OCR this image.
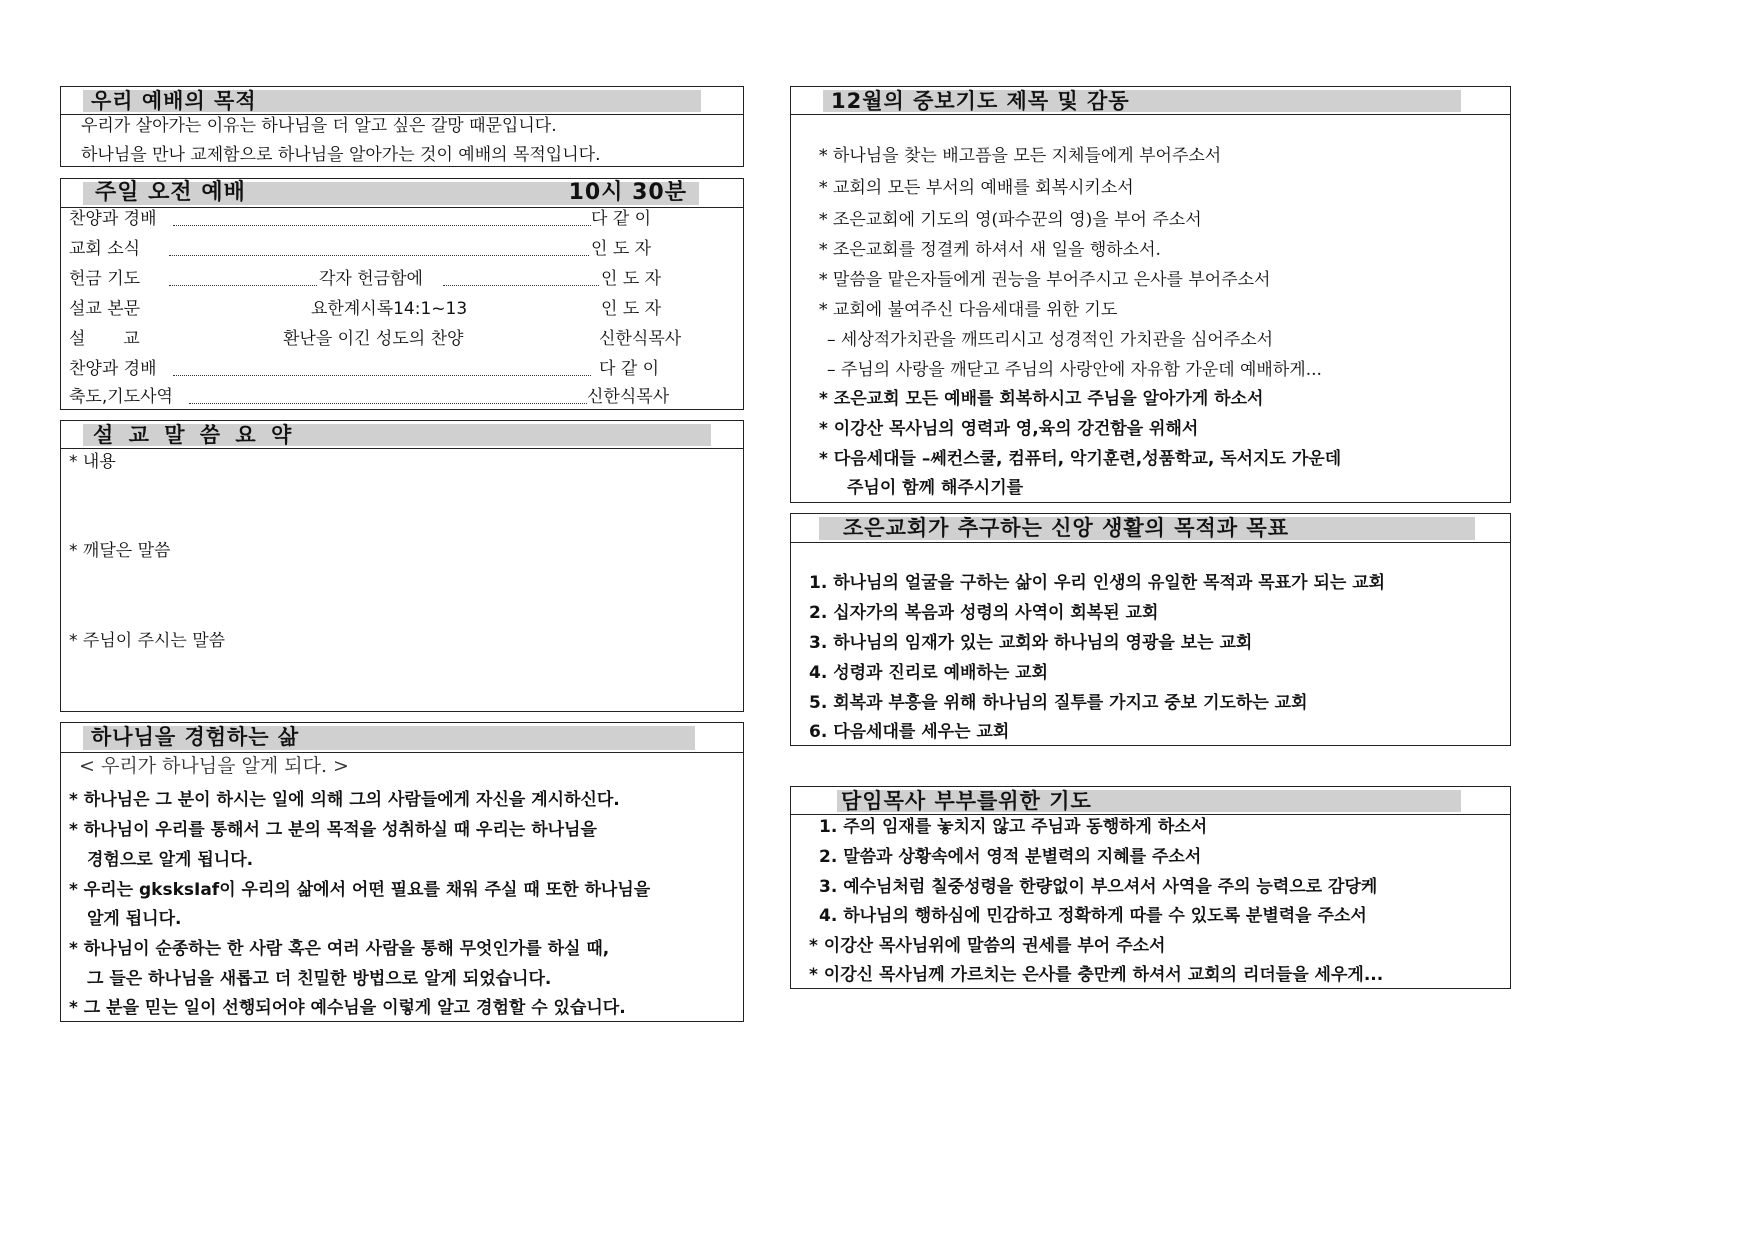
우리 예배의 목적
우리가 살아가는 이유는 하나님을 더 알고 싶은 갈망 때문입니다.
하나님을 만나 교제함으로 하나님을 알아가는 것이 예배의 목적입니다.
주일 오전 예배	10시 30분
찬양과 경배	다 같 이
교회 소식	인 도 자
헌금 기도	각자 헌금함에	인 도 자
설교 본문	요한계시록14:1~13	인 도 자
설       교	환난을 이긴 성도의 찬양	신한식목사
찬양과 경배	다 같 이
축도,기도사역	신한식목사
설 교 말 씀 요 약
* 내용
* 깨달은 말씀
* 주님이 주시는 말씀
하나님을 경험하는 삶
< 우리가 하나님을 알게 되다. >
* 하나님은 그 분이 하시는 일에 의해 그의 사람들에게 자신을 계시하신다.
* 하나님이 우리를 통해서 그 분의 목적을 성취하실 때 우리는 하나님을
경험으로 알게 됩니다.
* 우리는 gksksIaf이 우리의 삶에서 어떤 필요를 채워 주실 때 또한 하나님을
알게 됩니다.
* 하나님이 순종하는 한 사람 혹은 여러 사람을 통해 무엇인가를 하실 때,
그 들은 하나님을 새롭고 더 친밀한 방법으로 알게 되었습니다.
* 그 분을 믿는 일이 선행되어야 예수님을 이렇게 알고 경험할 수 있습니다.
12월의 중보기도 제목 및 감동
* 하나님을 찾는 배고픔을 모든 지체들에게 부어주소서
* 교회의 모든 부서의 예배를 회복시키소서
* 조은교회에 기도의 영(파수꾼의 영)을 부어 주소서
* 조은교회를 정결케 하셔서 새 일을 행하소서.
* 말씀을 맡은자들에게 권능을 부어주시고 은사를 부어주소서
* 교회에 불여주신 다음세대를 위한 기도
– 세상적가치관을 깨뜨리시고 성경적인 가치관을 심어주소서
– 주님의 사랑을 깨닫고 주님의 사랑안에 자유함 가운데 예배하게...
* 조은교회 모든 예배를 회복하시고 주님을 알아가게 하소서
* 이강산 목사님의 영력과 영,육의 강건함을 위해서
* 다음세대들 –쎄컨스쿨, 컴퓨터, 악기훈련,성품학교, 독서지도 가운데
주님이 함께 해주시기를
조은교회가 추구하는 신앙 생활의 목적과 목표
1. 하나님의 얼굴을 구하는 삶이 우리 인생의 유일한 목적과 목표가 되는 교회
2. 십자가의 복음과 성령의 사역이 회복된 교회
3. 하나님의 임재가 있는 교회와 하나님의 영광을 보는 교회
4. 성령과 진리로 예배하는 교회
5. 회복과 부흥을 위해 하나님의 질투를 가지고 중보 기도하는 교회
6. 다음세대를 세우는 교회
담임목사 부부를위한 기도
1. 주의 임재를 놓치지 않고 주님과 동행하게 하소서
2. 말씀과 상황속에서 영적 분별력의 지혜를 주소서
3. 예수님처럼 칠중성령을 한량없이 부으셔서 사역을 주의 능력으로 감당케
4. 하나님의 행하심에 민감하고 정확하게 따를 수 있도록 분별력을 주소서
* 이강산 목사님위에 말씀의 권세를 부어 주소서
* 이강신 목사님께 가르치는 은사를 충만케 하셔서 교회의 리더들을 세우게...
